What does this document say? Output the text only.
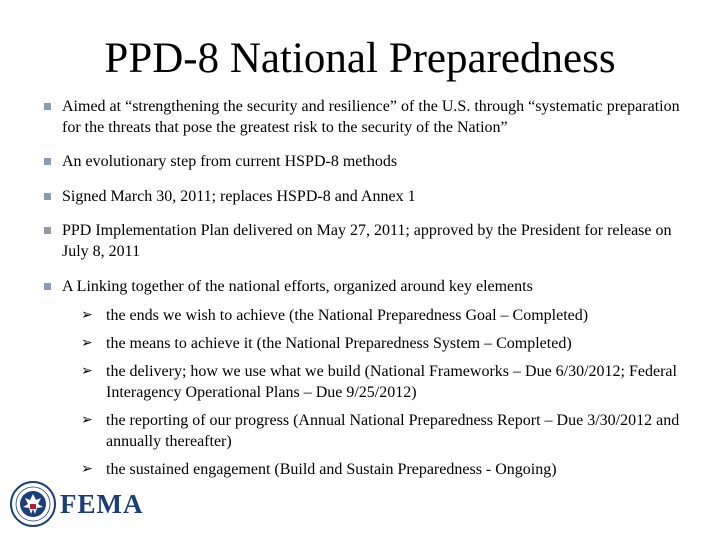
PPD-8 National Preparedness
Aimed at “strengthening the security and resilience” of the U.S. through “systematic preparation for the threats that pose the greatest risk to the security of the Nation”
An evolutionary step from current HSPD-8 methods
Signed March 30, 2011; replaces HSPD-8 and Annex 1
PPD Implementation Plan delivered on May 27, 2011; approved by the President for release on July 8, 2011
A Linking together of the national efforts, organized around key elements
➢ the ends we wish to achieve (the National Preparedness Goal – Completed)
➢ the means to achieve it (the National Preparedness System – Completed)
➢ the delivery; how we use what we build (National Frameworks – Due 6/30/2012; Federal Interagency Operational Plans – Due 9/25/2012)
➢ the reporting of our progress (Annual National Preparedness Report – Due 3/30/2012 and annually thereafter)
➢ the sustained engagement (Build and Sustain Preparedness - Ongoing)
FEMA
